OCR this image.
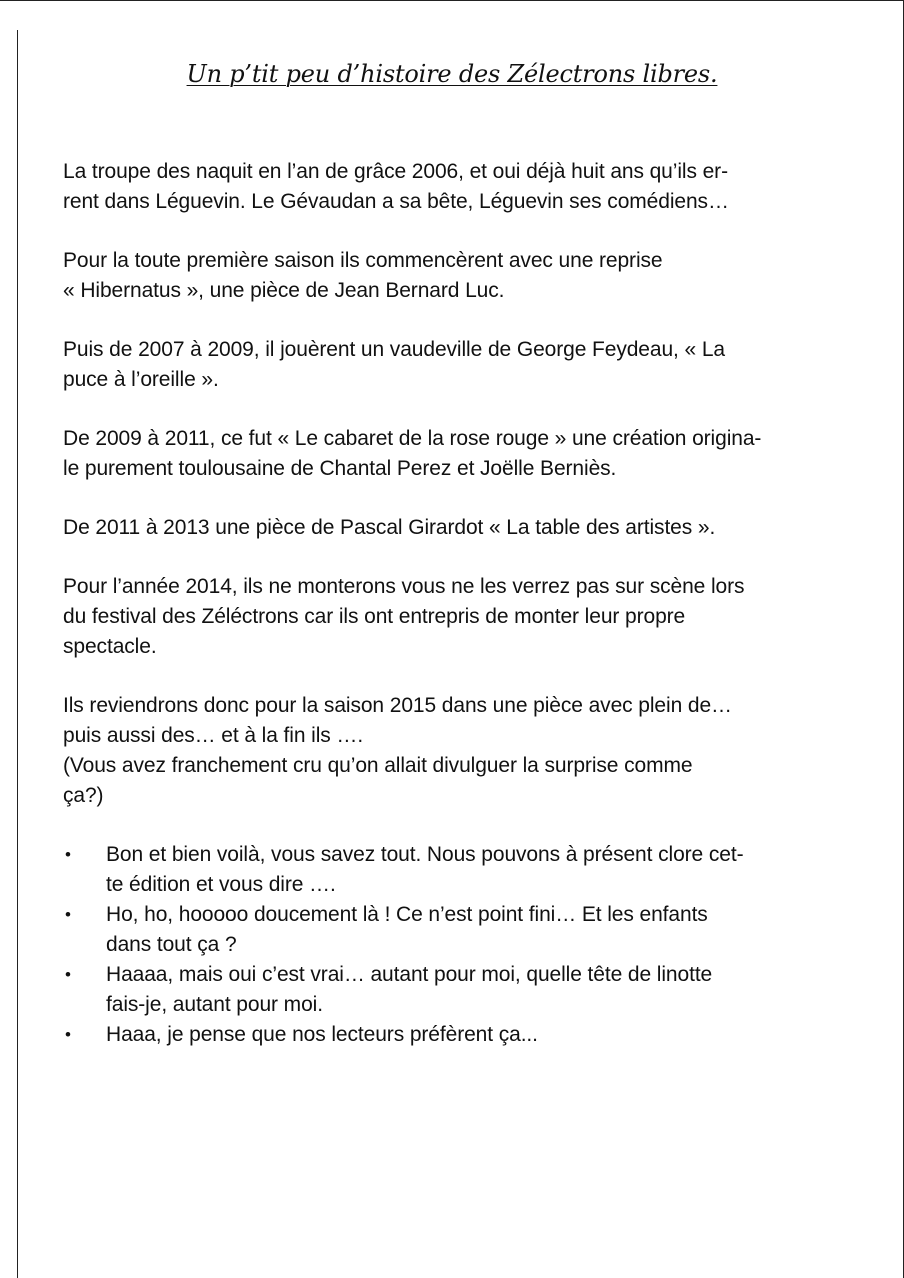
Un p’tit peu d’histoire des Zélectrons libres.

La troupe des naquit en l’an de grâce 2006, et oui déjà huit ans qu’ils er-
rent dans Léguevin. Le Gévaudan a sa bête, Léguevin ses comédiens…

Pour la toute première saison ils commencèrent avec une reprise
« Hibernatus », une pièce de Jean Bernard Luc.

Puis de 2007 à 2009, il jouèrent un vaudeville de George Feydeau, « La
puce à l’oreille ».

De 2009 à 2011, ce fut « Le cabaret de la rose rouge » une création origina-
le purement toulousaine de Chantal Perez et Joëlle Berniès.

De 2011 à 2013 une pièce de Pascal Girardot « La table des artistes ».

Pour l’année 2014, ils ne monterons vous ne les verrez pas sur scène lors
du festival des Zéléctrons car ils ont entrepris de monter leur propre
spectacle.

Ils reviendrons donc pour la saison 2015 dans une pièce avec plein de…
puis aussi des… et à la fin ils ….
(Vous avez franchement cru qu’on allait divulguer la surprise comme
ça?)

• Bon et bien voilà, vous savez tout. Nous pouvons à présent clore cet-
te édition et vous dire ….
• Ho, ho, hooooo doucement là ! Ce n’est point fini… Et les enfants
dans tout ça ?
• Haaaa, mais oui c’est vrai… autant pour moi, quelle tête de linotte
fais-je, autant pour moi.
• Haaa, je pense que nos lecteurs préfèrent ça...
